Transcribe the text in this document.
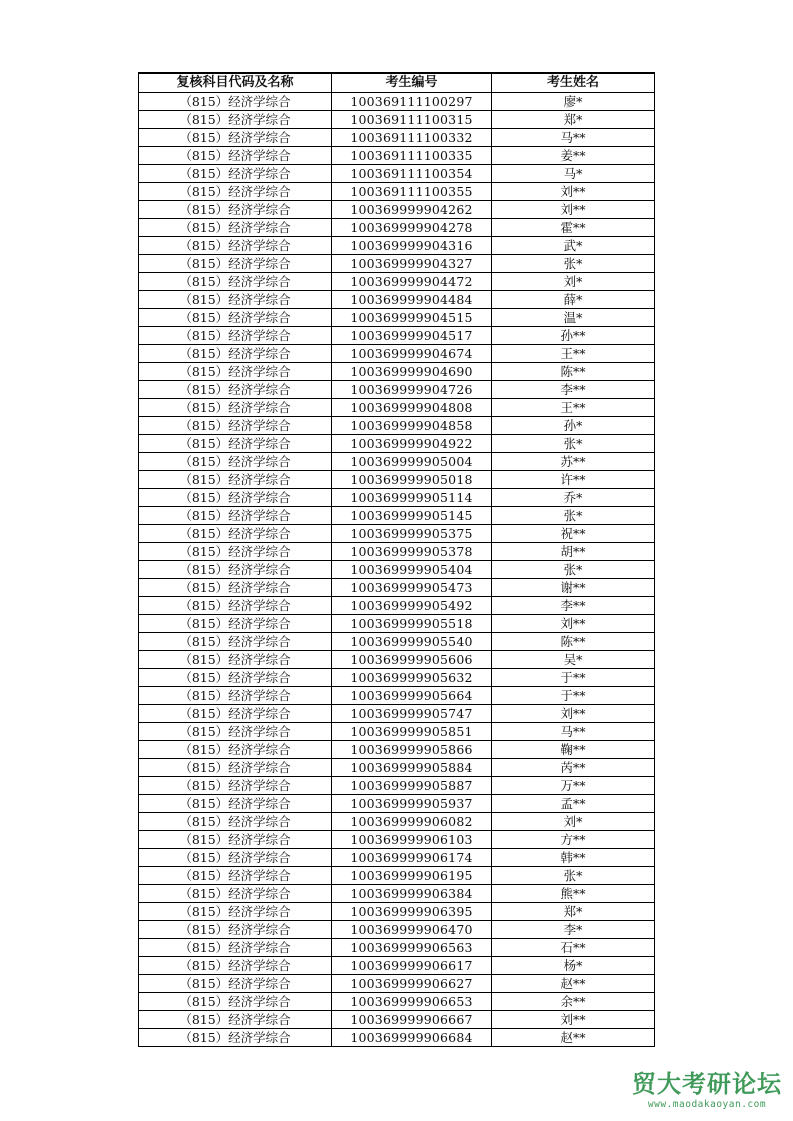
复核科目代码及名称	考生编号	考生姓名
（815）经济学综合	100369111100297	廖*
（815）经济学综合	100369111100315	郑*
（815）经济学综合	100369111100332	马**
（815）经济学综合	100369111100335	姜**
（815）经济学综合	100369111100354	马*
（815）经济学综合	100369111100355	刘**
（815）经济学综合	100369999904262	刘**
（815）经济学综合	100369999904278	霍**
（815）经济学综合	100369999904316	武*
（815）经济学综合	100369999904327	张*
（815）经济学综合	100369999904472	刘*
（815）经济学综合	100369999904484	薛*
（815）经济学综合	100369999904515	温*
（815）经济学综合	100369999904517	孙**
（815）经济学综合	100369999904674	王**
（815）经济学综合	100369999904690	陈**
（815）经济学综合	100369999904726	李**
（815）经济学综合	100369999904808	王**
（815）经济学综合	100369999904858	孙*
（815）经济学综合	100369999904922	张*
（815）经济学综合	100369999905004	苏**
（815）经济学综合	100369999905018	许**
（815）经济学综合	100369999905114	乔*
（815）经济学综合	100369999905145	张*
（815）经济学综合	100369999905375	祝**
（815）经济学综合	100369999905378	胡**
（815）经济学综合	100369999905404	张*
（815）经济学综合	100369999905473	谢**
（815）经济学综合	100369999905492	李**
（815）经济学综合	100369999905518	刘**
（815）经济学综合	100369999905540	陈**
（815）经济学综合	100369999905606	吴*
（815）经济学综合	100369999905632	于**
（815）经济学综合	100369999905664	于**
（815）经济学综合	100369999905747	刘**
（815）经济学综合	100369999905851	马**
（815）经济学综合	100369999905866	鞠**
（815）经济学综合	100369999905884	芮**
（815）经济学综合	100369999905887	万**
（815）经济学综合	100369999905937	孟**
（815）经济学综合	100369999906082	刘*
（815）经济学综合	100369999906103	方**
（815）经济学综合	100369999906174	韩**
（815）经济学综合	100369999906195	张*
（815）经济学综合	100369999906384	熊**
（815）经济学综合	100369999906395	郑*
（815）经济学综合	100369999906470	李*
（815）经济学综合	100369999906563	石**
（815）经济学综合	100369999906617	杨*
（815）经济学综合	100369999906627	赵**
（815）经济学综合	100369999906653	余**
（815）经济学综合	100369999906667	刘**
（815）经济学综合	100369999906684	赵**
贸大考研论坛
www.maodakaoyan.com
